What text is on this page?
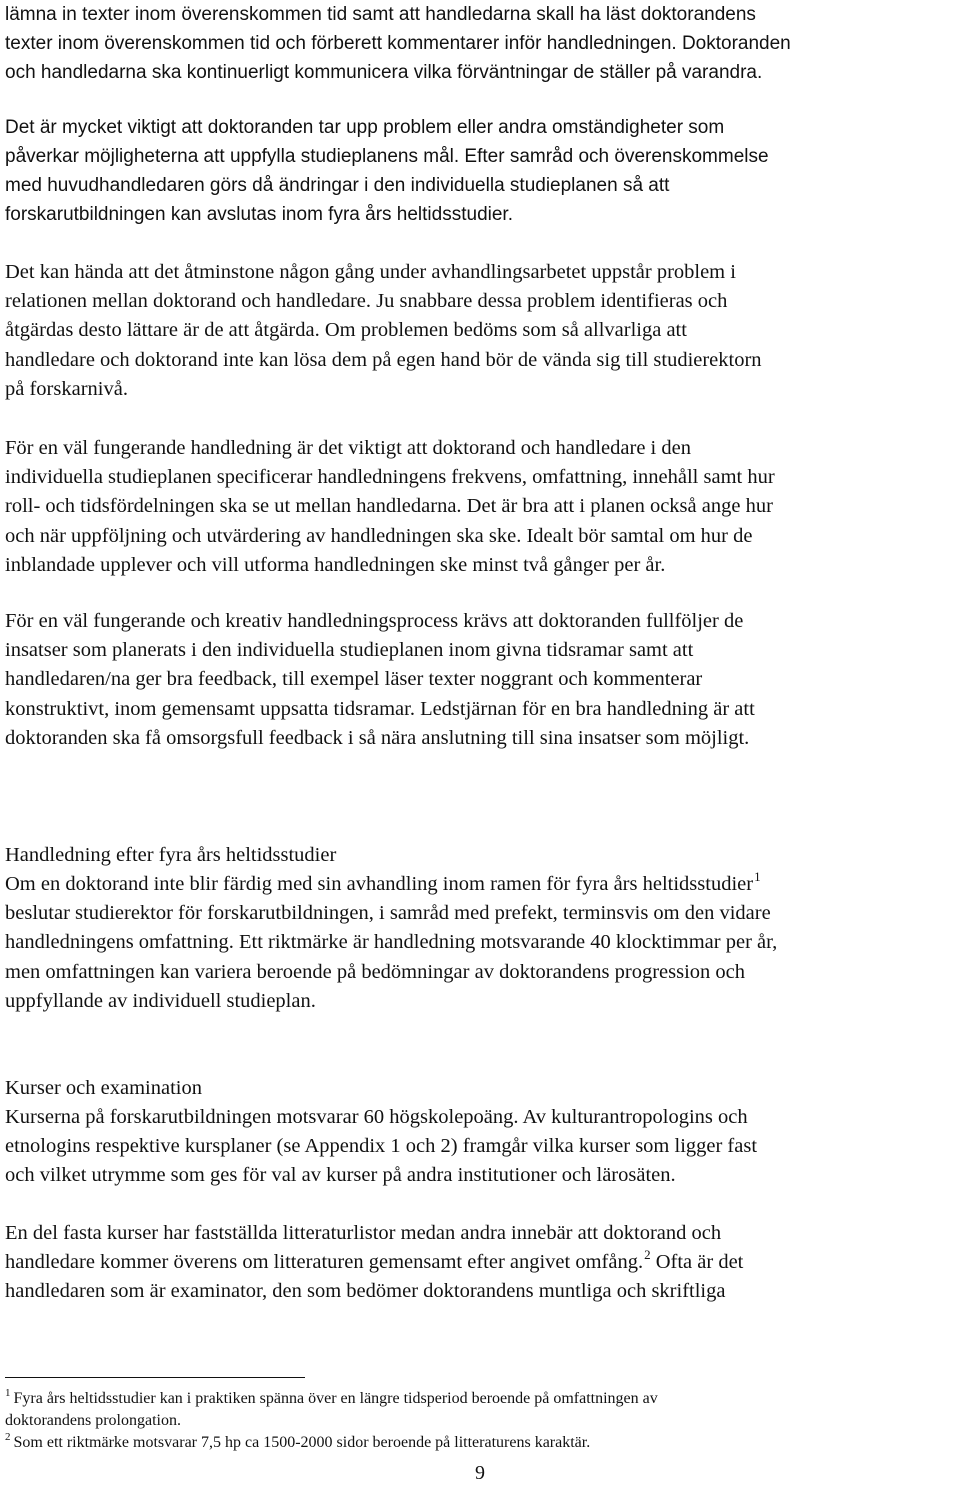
lämna in texter inom överenskommen tid samt att handledarna skall ha läst doktorandens
texter inom överenskommen tid och förberett kommentarer inför handledningen. Doktoranden
och handledarna ska kontinuerligt kommunicera vilka förväntningar de ställer på varandra.
Det är mycket viktigt att doktoranden tar upp problem eller andra omständigheter som
påverkar möjligheterna att uppfylla studieplanens mål. Efter samråd och överenskommelse
med huvudhandledaren görs då ändringar i den individuella studieplanen så att
forskarutbildningen kan avslutas inom fyra års heltidsstudier.
Det kan hända att det åtminstone någon gång under avhandlingsarbetet uppstår problem i
relationen mellan doktorand och handledare. Ju snabbare dessa problem identifieras och
åtgärdas desto lättare är de att åtgärda. Om problemen bedöms som så allvarliga att
handledare och doktorand inte kan lösa dem på egen hand bör de vända sig till studierektorn
på forskarnivå.
För en väl fungerande handledning är det viktigt att doktorand och handledare i den
individuella studieplanen specificerar handledningens frekvens, omfattning, innehåll samt hur
roll- och tidsfördelningen ska se ut mellan handledarna. Det är bra att i planen också ange hur
och när uppföljning och utvärdering av handledningen ska ske. Idealt bör samtal om hur de
inblandade upplever och vill utforma handledningen ske minst två gånger per år.
För en väl fungerande och kreativ handledningsprocess krävs att doktoranden fullföljer de
insatser som planerats i den individuella studieplanen inom givna tidsramar samt att
handledaren/na ger bra feedback, till exempel läser texter noggrant och kommenterar
konstruktivt, inom gemensamt uppsatta tidsramar. Ledstjärnan för en bra handledning är att
doktoranden ska få omsorgsfull feedback i så nära anslutning till sina insatser som möjligt.
Handledning efter fyra års heltidsstudier
Om en doktorand inte blir färdig med sin avhandling inom ramen för fyra års heltidsstudier$^1$
beslutar studierektor för forskarutbildningen, i samråd med prefekt, terminsvis om den vidare
handledningens omfattning. Ett riktmärke är handledning motsvarande 40 klocktimmar per år,
men omfattningen kan variera beroende på bedömningar av doktorandens progression och
uppfyllande av individuell studieplan.
Kurser och examination
Kurserna på forskarutbildningen motsvarar 60 högskolepoäng. Av kulturantropologins och
etnologins respektive kursplaner (se Appendix 1 och 2) framgår vilka kurser som ligger fast
och vilket utrymme som ges för val av kurser på andra institutioner och lärosäten.
En del fasta kurser har fastställda litteraturlistor medan andra innebär att doktorand och
handledare kommer överens om litteraturen gemensamt efter angivet omfång.$^2$ Ofta är det
handledaren som är examinator, den som bedömer doktorandens muntliga och skriftliga
$^1$ Fyra års heltidsstudier kan i praktiken spänna över en längre tidsperiod beroende på omfattningen av
doktorandens prolongation.
$^2$ Som ett riktmärke motsvarar 7,5 hp ca 1500-2000 sidor beroende på litteraturens karaktär.
9
